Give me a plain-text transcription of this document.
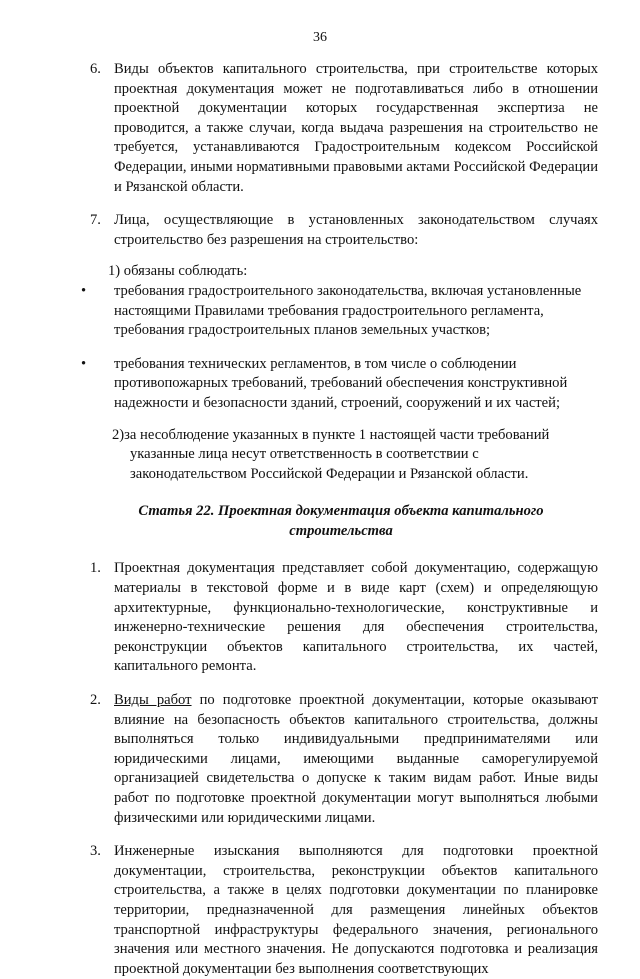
36
6. Виды объектов капитального строительства, при строительстве которых проектная документация может не подготавливаться либо в отношении проектной документации которых государственная экспертиза не проводится, а также случаи, когда выдача разрешения на строительство не требуется, устанавливаются Градостроительным кодексом Российской Федерации, иными нормативными правовыми актами Российской Федерации и Рязанской области.
7. Лица, осуществляющие в установленных законодательством случаях строительство без разрешения на строительство:
1) обязаны соблюдать:
• требования градостроительного законодательства, включая установленные настоящими Правилами требования градостроительного регламента, требования градостроительных планов земельных участков;
• требования технических регламентов, в том числе о соблюдении противопожарных требований, требований обеспечения конструктивной надежности и безопасности зданий, строений, сооружений и их частей;
2)за несоблюдение указанных в пункте 1 настоящей части требований указанные лица несут ответственность в соответствии с законодательством Российской Федерации и Рязанской области.
Статья 22. Проектная документация объекта капитального строительства
1. Проектная документация представляет собой документацию, содержащую материалы в текстовой форме и в виде карт (схем) и определяющую архитектурные, функционально-технологические, конструктивные и инженерно-технические решения для обеспечения строительства, реконструкции объектов капитального строительства, их частей, капитального ремонта.
2. Виды работ по подготовке проектной документации, которые оказывают влияние на безопасность объектов капитального строительства, должны выполняться только индивидуальными предпринимателями или юридическими лицами, имеющими выданные саморегулируемой организацией свидетельства о допуске к таким видам работ. Иные виды работ по подготовке проектной документации могут выполняться любыми физическими или юридическими лицами.
3. Инженерные изыскания выполняются для подготовки проектной документации, строительства, реконструкции объектов капитального строительства, а также в целях подготовки документации по планировке территории, предназначенной для размещения линейных объектов транспортной инфраструктуры федерального значения, регионального значения или местного значения. Не допускаются подготовка и реализация проектной документации без выполнения соответствующих
